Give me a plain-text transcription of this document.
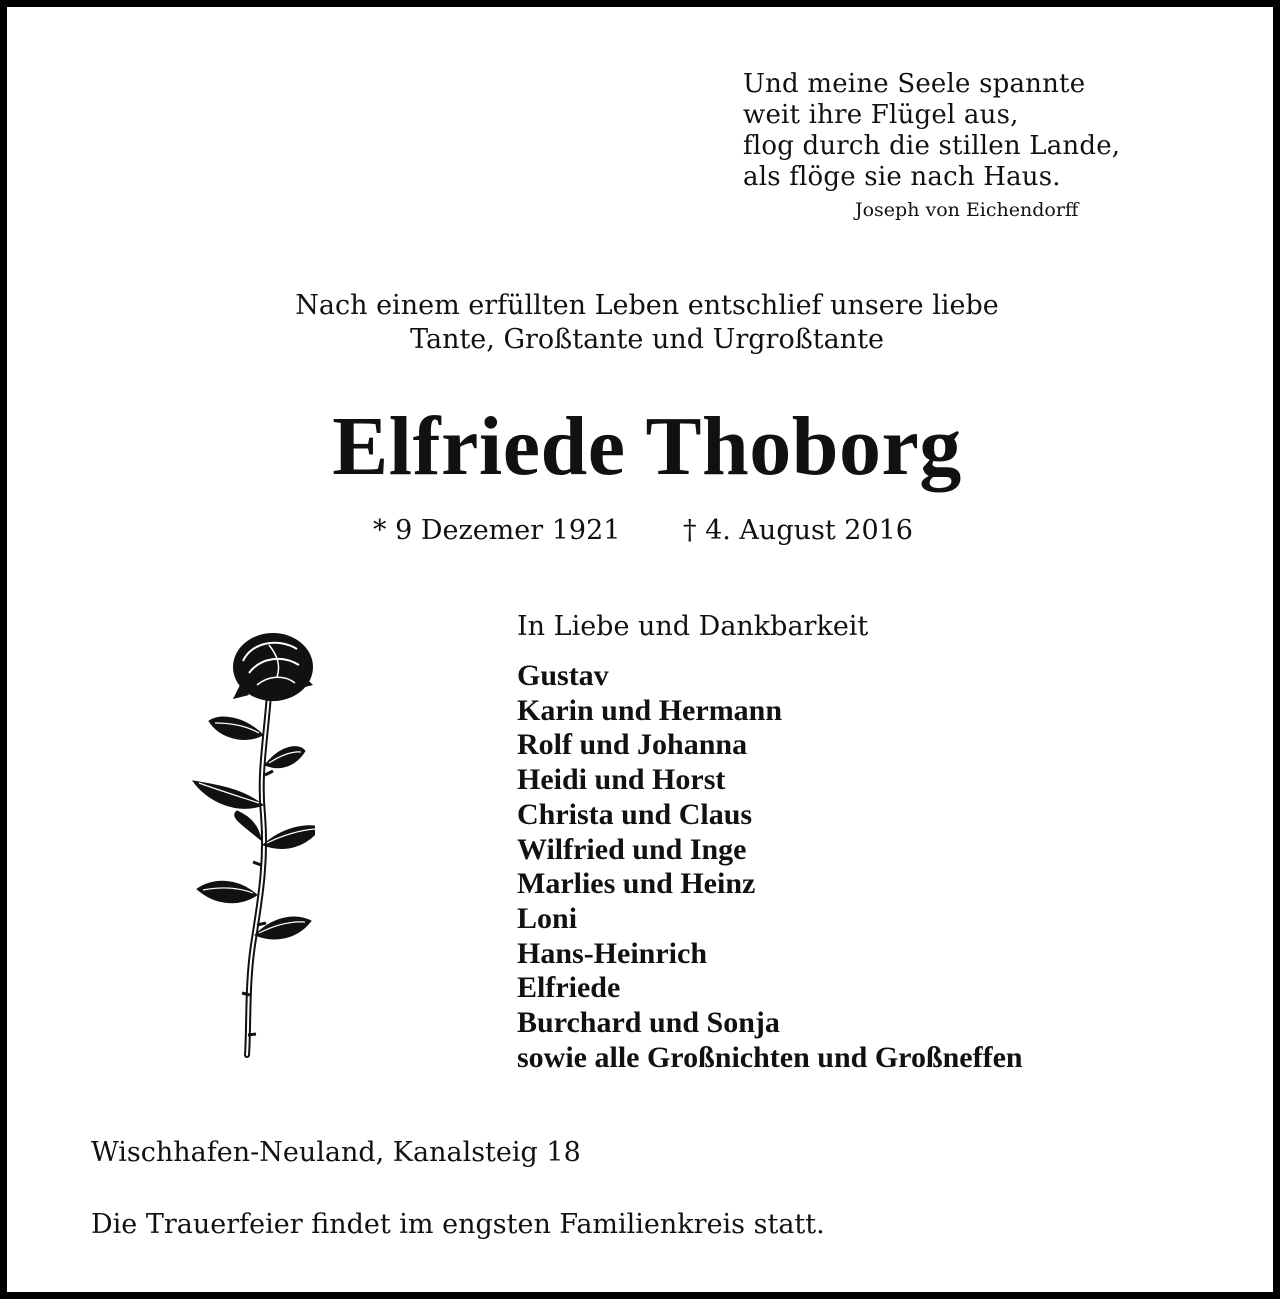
Und meine Seele spannte
weit ihre Flügel aus,
flog durch die stillen Lande,
als flöge sie nach Haus.
Joseph von Eichendorff
Nach einem erfüllten Leben entschlief unsere liebe
Tante, Großtante und Urgroßtante
Elfriede Thoborg
* 9 Dezemer 1921 † 4. August 2016
In Liebe und Dankbarkeit
Gustav
Karin und Hermann
Rolf und Johanna
Heidi und Horst
Christa und Claus
Wilfried und Inge
Marlies und Heinz
Loni
Hans-Heinrich
Elfriede
Burchard und Sonja
sowie alle Großnichten und Großneffen
Wischhafen-Neuland, Kanalsteig 18
Die Trauerfeier findet im engsten Familienkreis statt.
